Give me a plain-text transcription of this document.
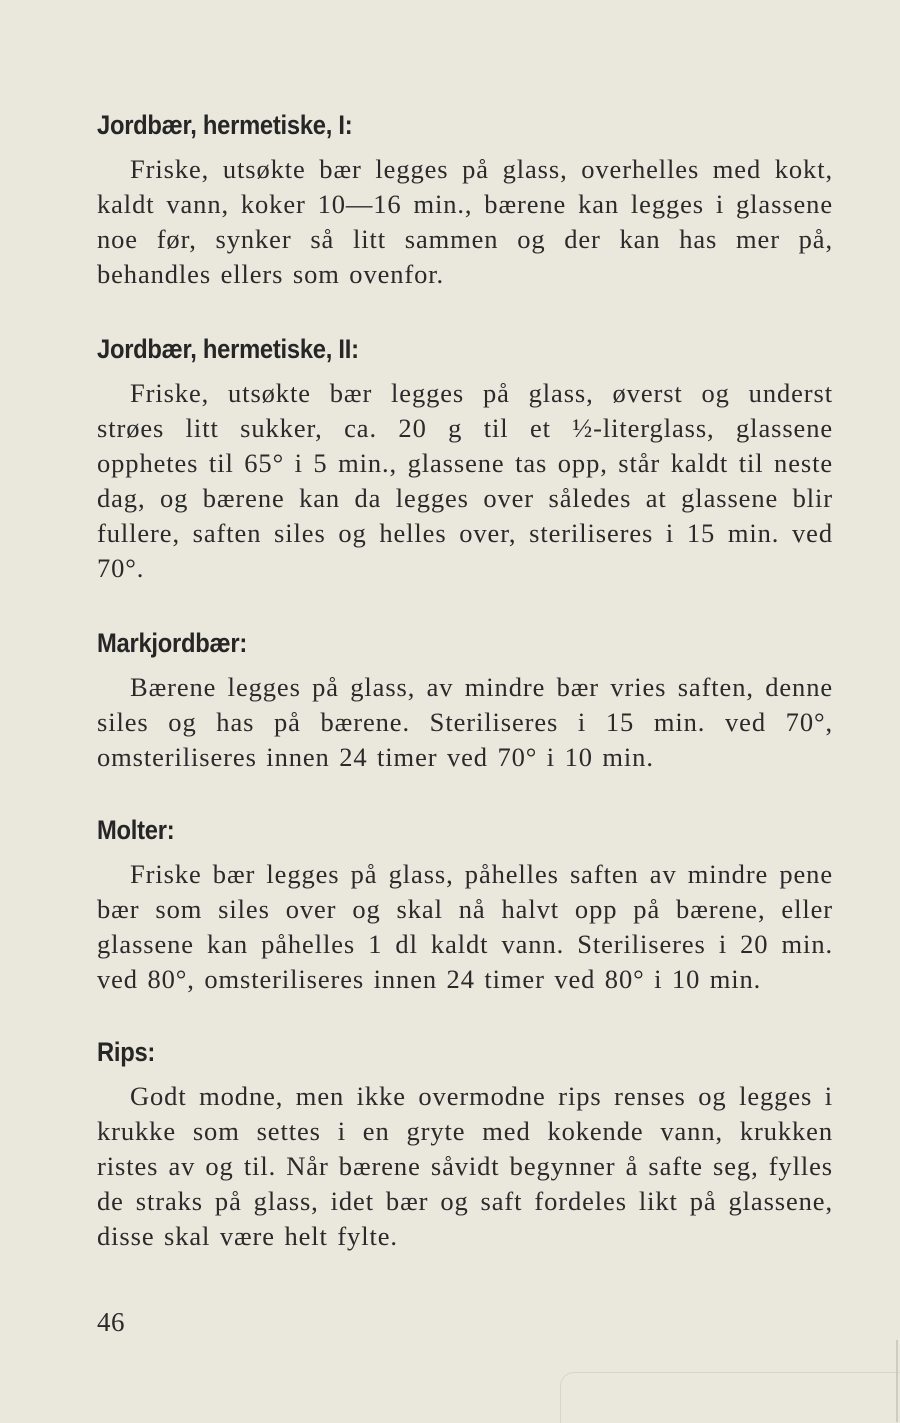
Jordbær, hermetiske, I:

Friske, utsøkte bær legges på glass, overhelles med kokt, kaldt vann, koker 10—16 min., bærene kan legges i glassene noe før, synker så litt sammen og der kan has mer på, behandles ellers som ovenfor.

Jordbær, hermetiske, II:

Friske, utsøkte bær legges på glass, øverst og underst strøes litt sukker, ca. 20 g til et ½-literglass, glassene opphetes til 65° i 5 min., glassene tas opp, står kaldt til neste dag, og bærene kan da legges over således at glassene blir fullere, saften siles og helles over, steriliseres i 15 min. ved 70°.

Markjordbær:

Bærene legges på glass, av mindre bær vries saften, denne siles og has på bærene. Steriliseres i 15 min. ved 70°, omsteriliseres innen 24 timer ved 70° i 10 min.

Molter:

Friske bær legges på glass, påhelles saften av mindre pene bær som siles over og skal nå halvt opp på bærene, eller glassene kan påhelles 1 dl kaldt vann. Steriliseres i 20 min. ved 80°, omsteriliseres innen 24 timer ved 80° i 10 min.

Rips:

Godt modne, men ikke overmodne rips renses og legges i krukke som settes i en gryte med kokende vann, krukken ristes av og til. Når bærene såvidt begynner å safte seg, fylles de straks på glass, idet bær og saft fordeles likt på glassene, disse skal være helt fylte.

46
